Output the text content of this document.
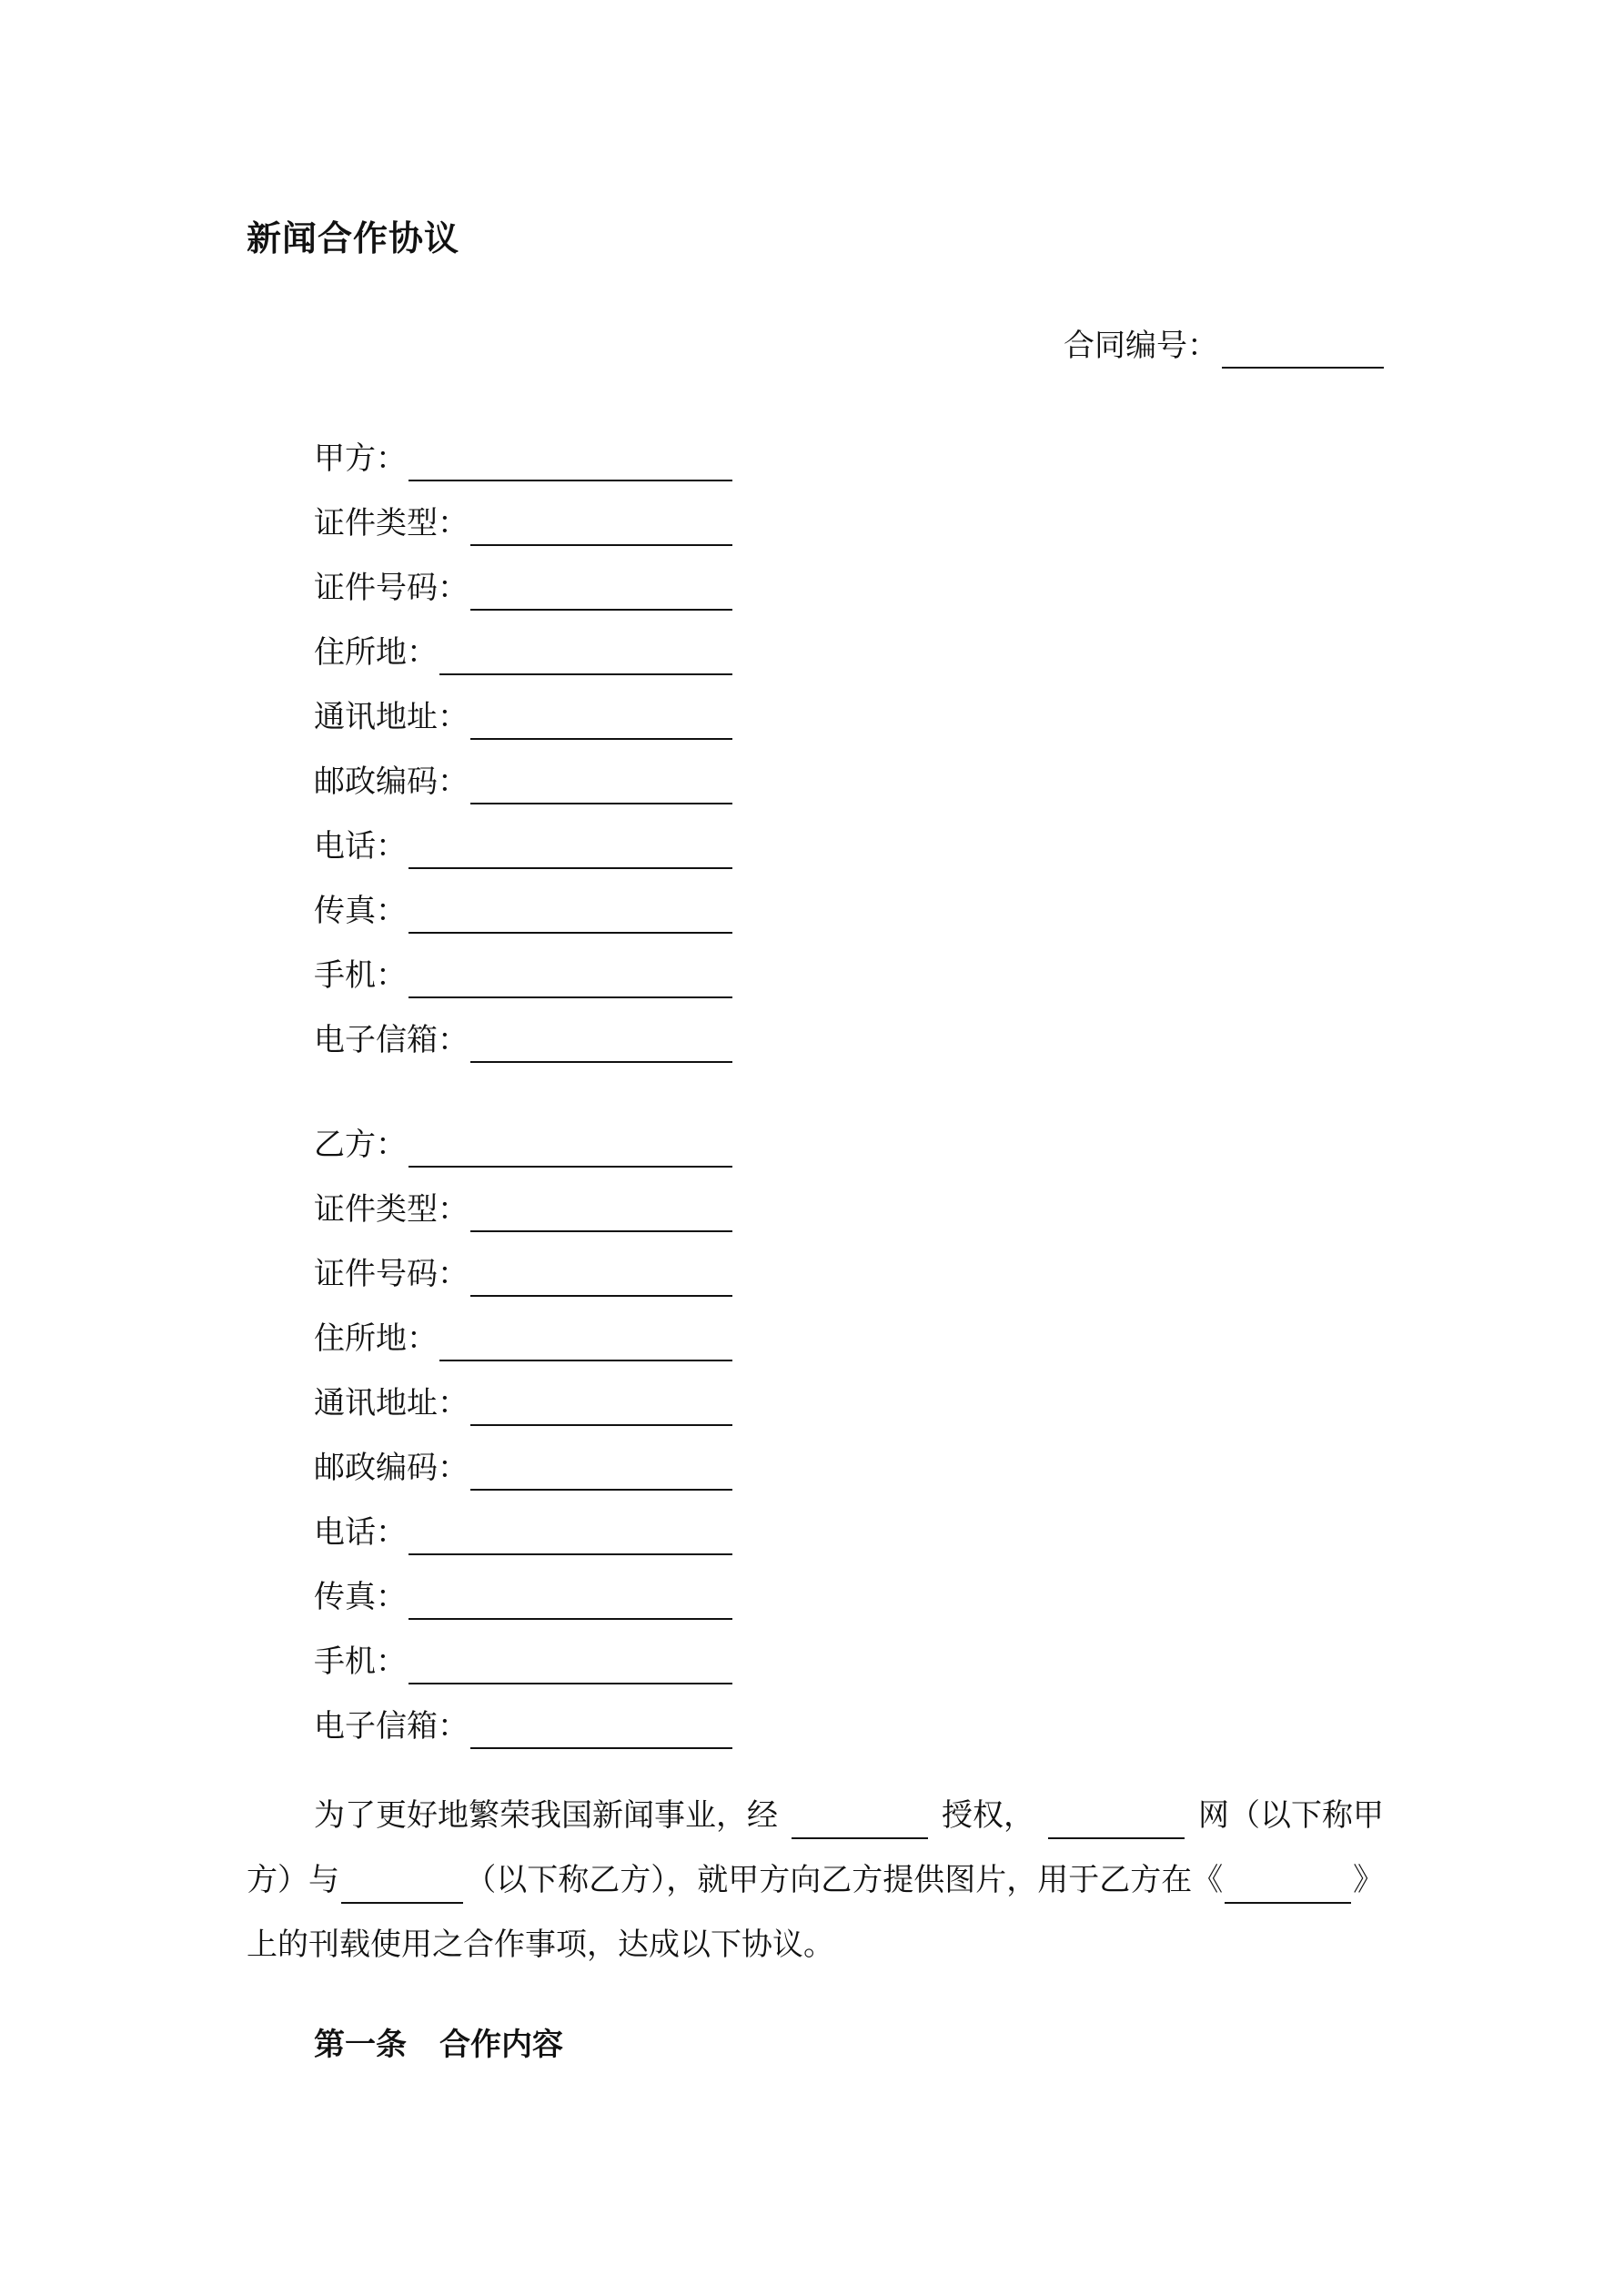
新闻合作协议
合同编号：
甲方：
证件类型：
证件号码：
住所地：
通讯地址：
邮政编码：
电话：
传真：
手机：
电子信箱：
乙方：
证件类型：
证件号码：
住所地：
通讯地址：
邮政编码：
电话：
传真：
手机：
电子信箱：
为了更好地繁荣我国新闻事业，经	授权，	网（以下称甲
方）与	（以下称乙方），就甲方向乙方提供图片，用于乙方在《	》
上的刊载使用之合作事项，达成以下协议。
第一条 合作内容
